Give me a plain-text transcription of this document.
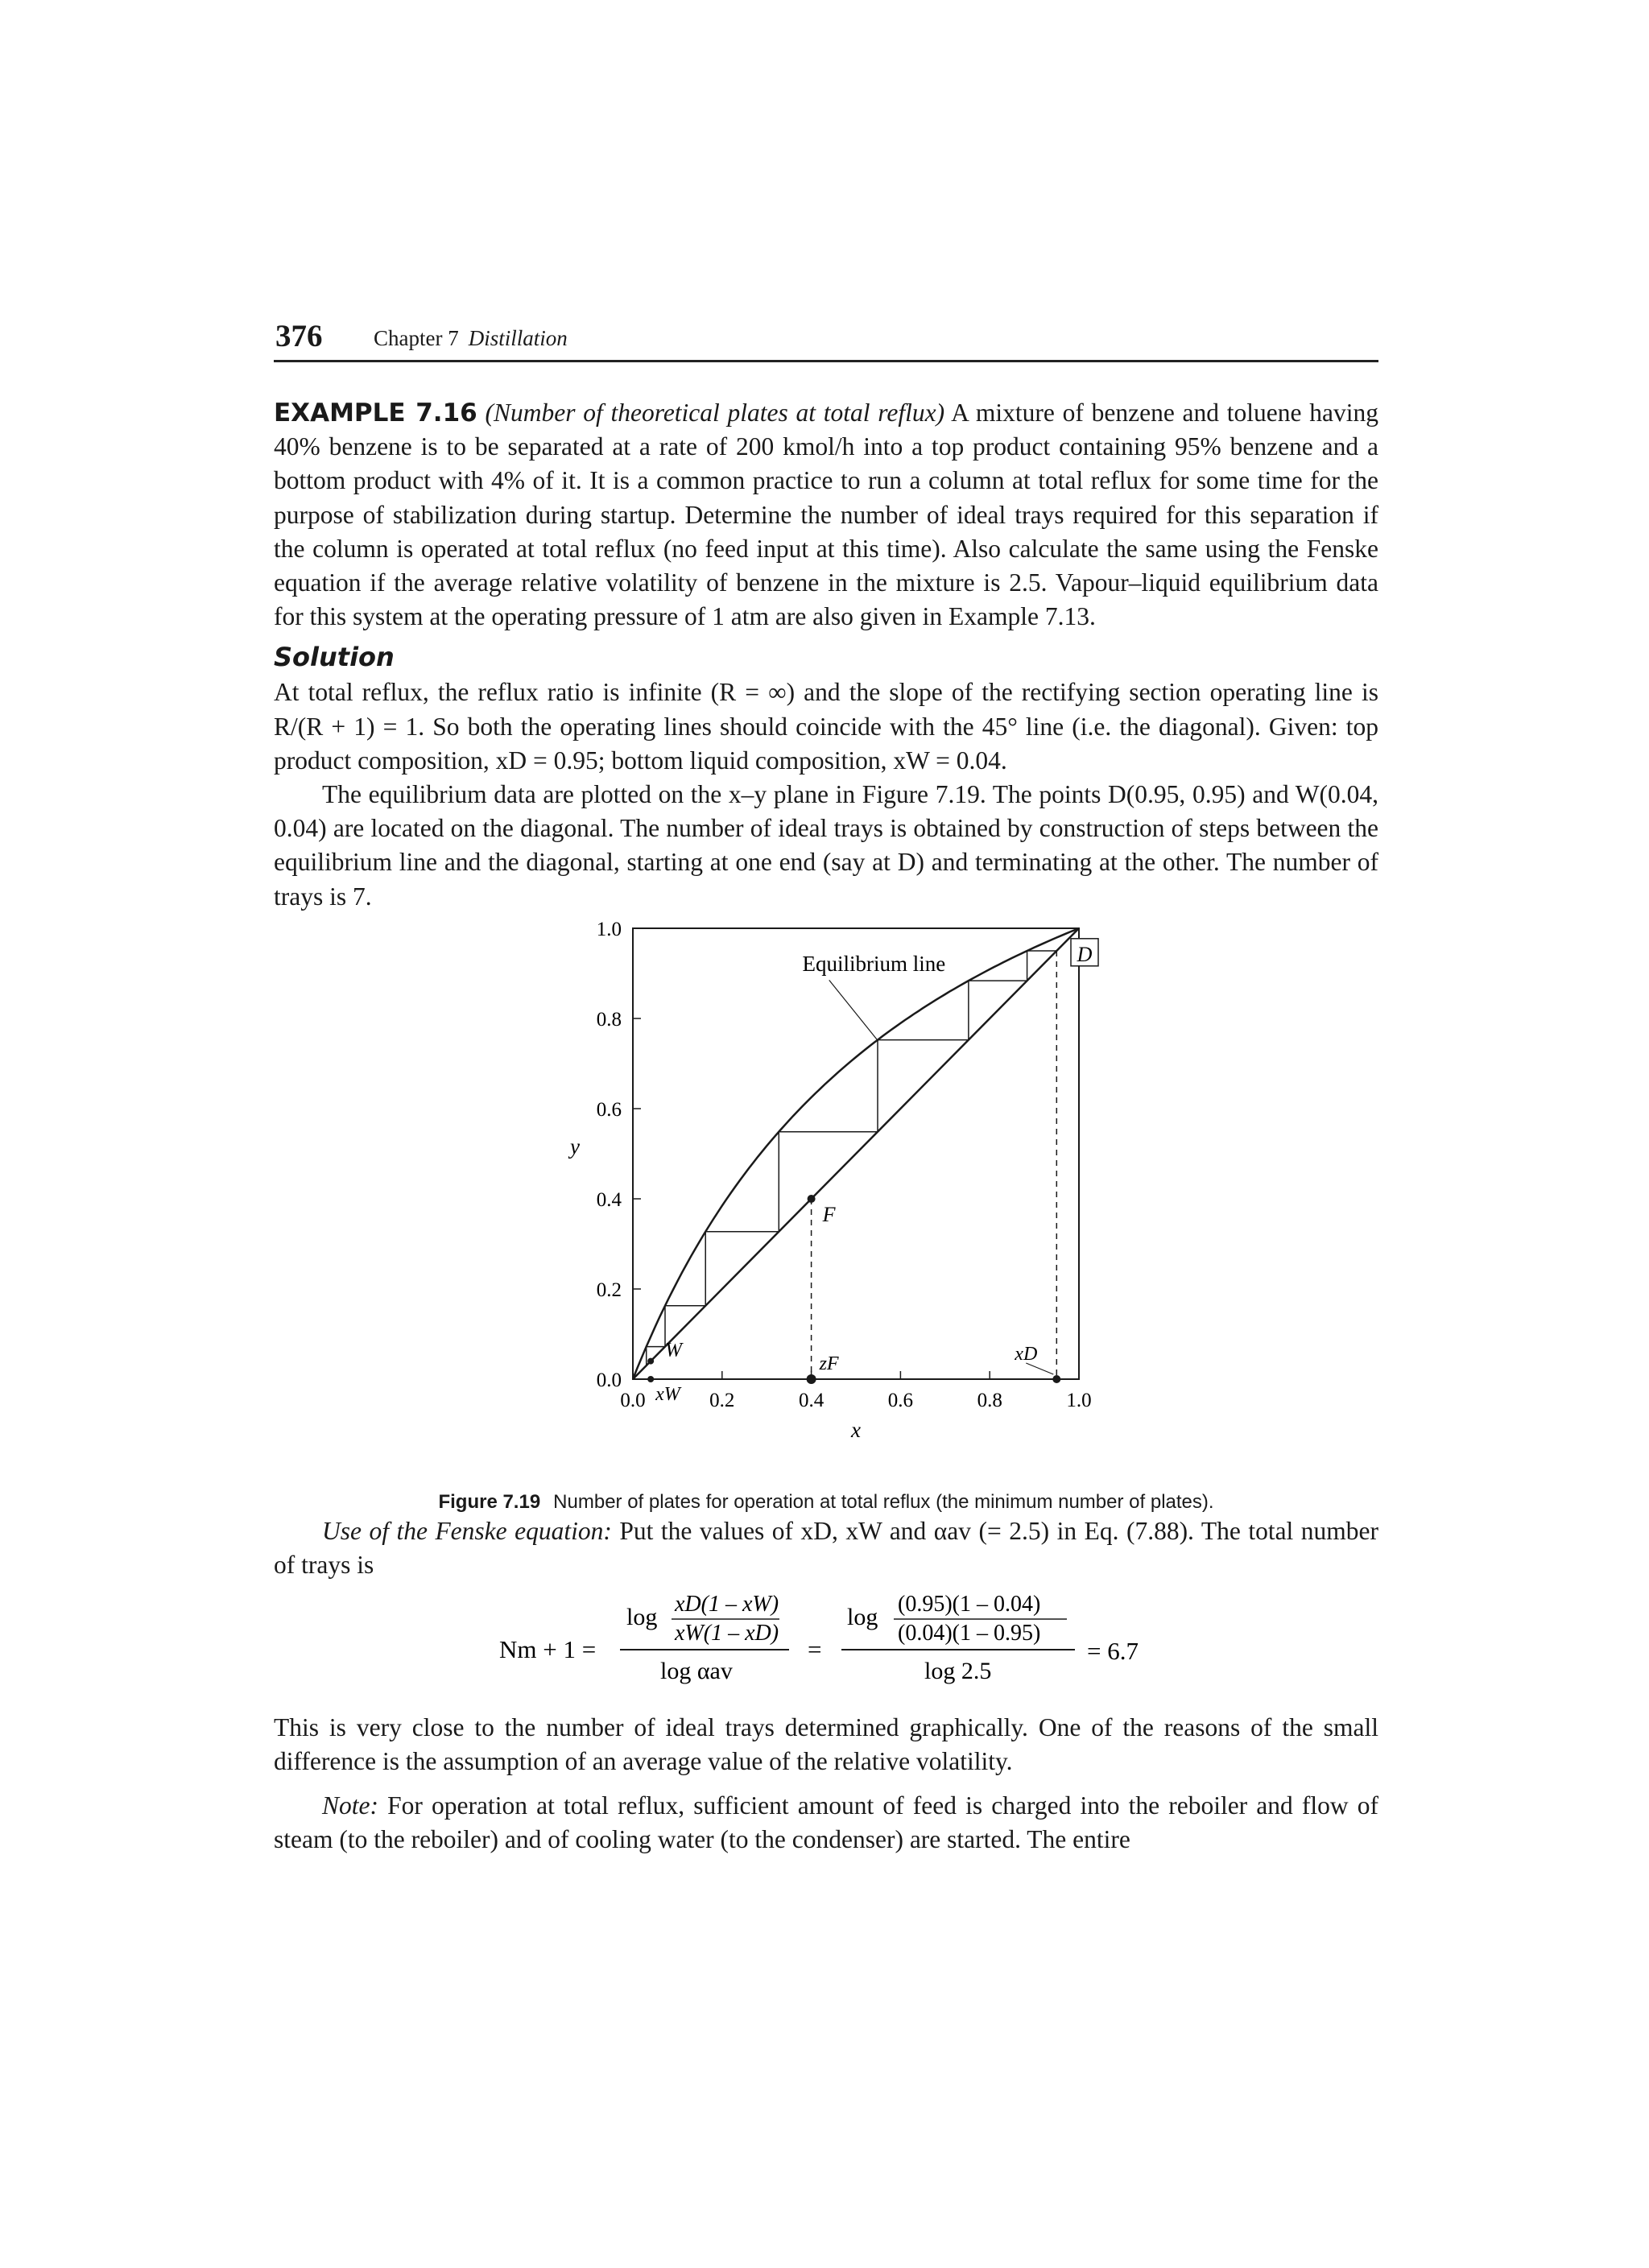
376 Chapter 7 Distillation

EXAMPLE 7.16 (Number of theoretical plates at total reflux) A mixture of benzene and toluene having 40% benzene is to be separated at a rate of 200 kmol/h into a top product containing 95% benzene and a bottom product with 4% of it. It is a common practice to run a column at total reflux for some time for the purpose of stabilization during startup. Determine the number of ideal trays required for this separation if the column is operated at total reflux (no feed input at this time). Also calculate the same using the Fenske equation if the average relative volatility of benzene in the mixture is 2.5. Vapour–liquid equilibrium data for this system at the operating pressure of 1 atm are also given in Example 7.13.

Solution

At total reflux, the reflux ratio is infinite (R = ∞) and the slope of the rectifying section operating line is R/(R + 1) = 1. So both the operating lines should coincide with the 45° line (i.e. the diagonal). Given: top product composition, xD = 0.95; bottom liquid composition, xW = 0.04.

The equilibrium data are plotted on the x–y plane in Figure 7.19. The points D(0.95, 0.95) and W(0.04, 0.04) are located on the diagonal. The number of ideal trays is obtained by construction of steps between the equilibrium line and the diagonal, starting at one end (say at D) and terminating at the other. The number of trays is 7.

0.0	0.2	0.4	0.6	0.8	1.0
0.0
0.2
0.4
0.6
0.8
1.0
x
y
F
W
D
xW
zF	xD
Equilibrium line
Figure 7.19 Number of plates for operation at total reflux (the minimum number of plates).

Use of the Fenske equation: Put the values of xD, xW and αav (= 2.5) in Eq. (7.88). The total number of trays is

Nm + 1 =
log xD(1 – xW)
xW(1 – xD)
log αav
=
log (0.95)(1 – 0.04)
(0.04)(1 – 0.95)
log 2.5
= 6.7

This is very close to the number of ideal trays determined graphically. One of the reasons of the small difference is the assumption of an average value of the relative volatility.

Note: For operation at total reflux, sufficient amount of feed is charged into the reboiler and flow of steam (to the reboiler) and of cooling water (to the condenser) are started. The entire
